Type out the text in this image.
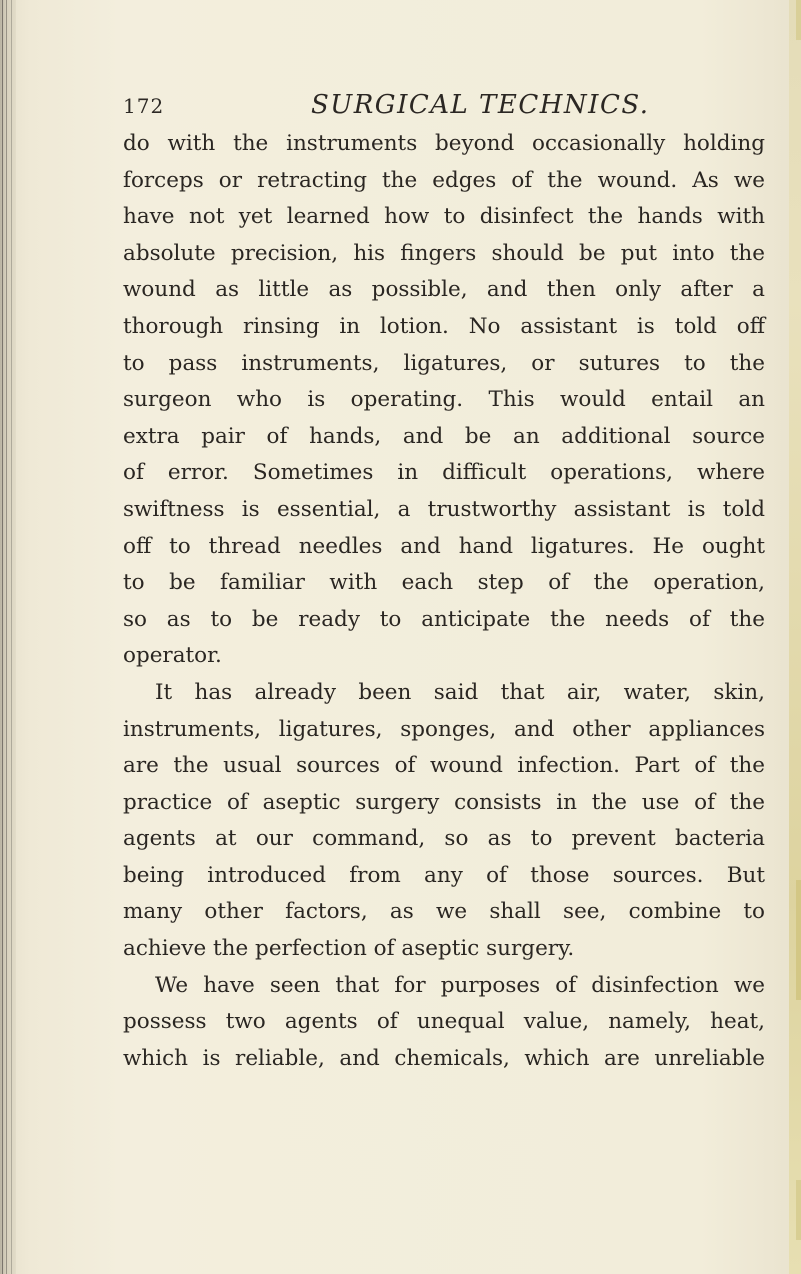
172	SURGICAL TECHNICS.
do with the instruments beyond occasionally holding
forceps or retracting the edges of the wound. As we
have not yet learned how to disinfect the hands with
absolute precision, his fingers should be put into the
wound as little as possible, and then only after a
thorough rinsing in lotion. No assistant is told off
to pass instruments, ligatures, or sutures to the
surgeon who is operating. This would entail an
extra pair of hands, and be an additional source
of error. Sometimes in difficult operations, where
swiftness is essential, a trustworthy assistant is told
off to thread needles and hand ligatures. He ought
to be familiar with each step of the operation,
so as to be ready to anticipate the needs of the
operator.
It has already been said that air, water, skin,
instruments, ligatures, sponges, and other appliances
are the usual sources of wound infection. Part of the
practice of aseptic surgery consists in the use of the
agents at our command, so as to prevent bacteria
being introduced from any of those sources. But
many other factors, as we shall see, combine to
achieve the perfection of aseptic surgery.
We have seen that for purposes of disinfection we
possess two agents of unequal value, namely, heat,
which is reliable, and chemicals, which are unreliable
